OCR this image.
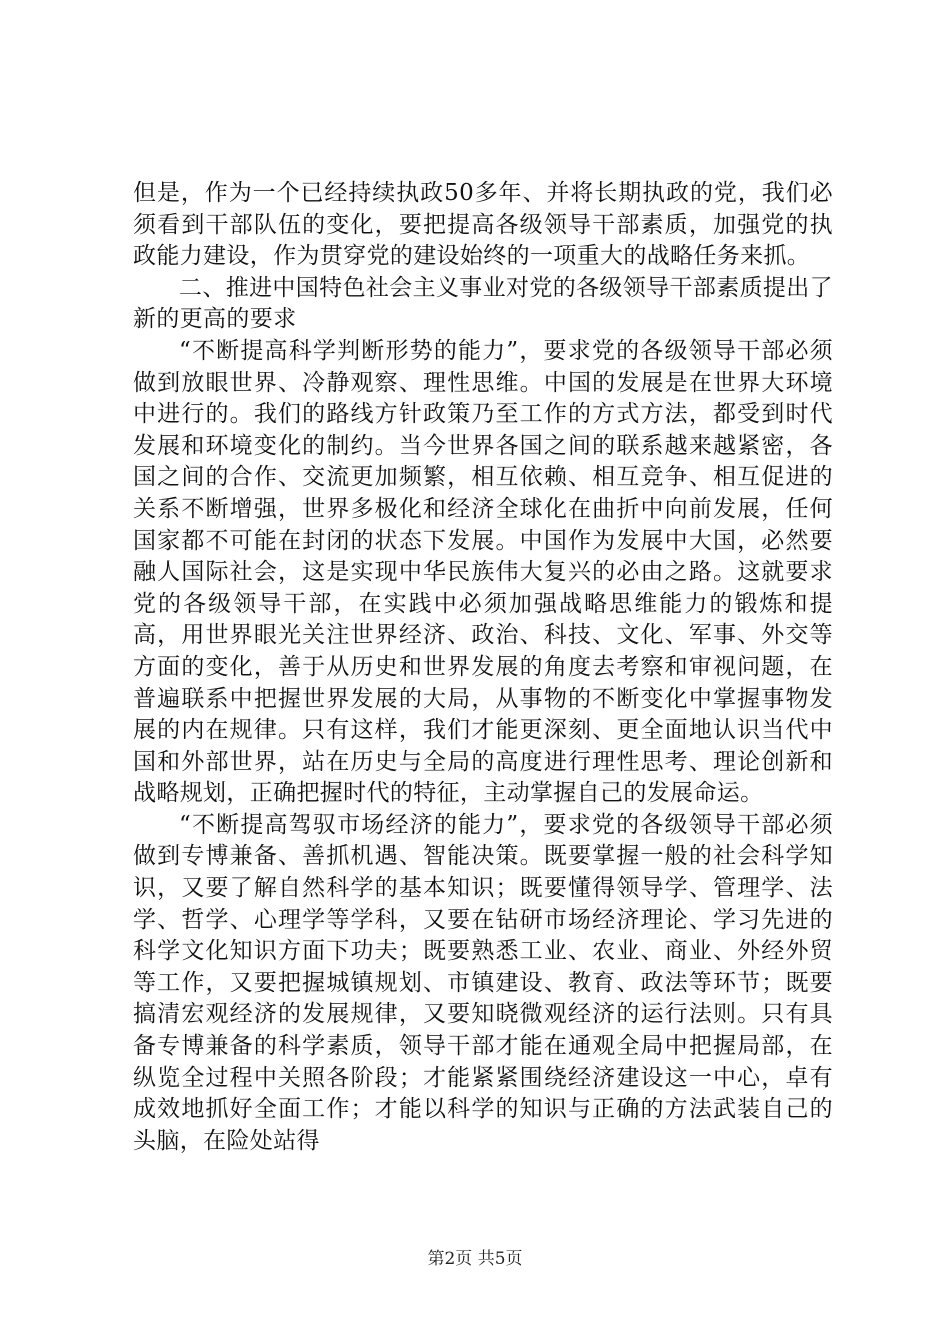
但是，作为一个已经持续执政50多年、并将长期执政的党，我们必须看到干部队伍的变化，要把提高各级领导干部素质，加强党的执政能力建设，作为贯穿党的建设始终的一项重大的战略任务来抓。

二、推进中国特色社会主义事业对党的各级领导干部素质提出了新的更高的要求

“不断提高科学判断形势的能力”，要求党的各级领导干部必须做到放眼世界、冷静观察、理性思维。中国的发展是在世界大环境中进行的。我们的路线方针政策乃至工作的方式方法，都受到时代发展和环境变化的制约。当今世界各国之间的联系越来越紧密，各国之间的合作、交流更加频繁，相互依赖、相互竞争、相互促进的关系不断增强，世界多极化和经济全球化在曲折中向前发展，任何国家都不可能在封闭的状态下发展。中国作为发展中大国，必然要融人国际社会，这是实现中华民族伟大复兴的必由之路。这就要求党的各级领导干部，在实践中必须加强战略思维能力的锻炼和提高，用世界眼光关注世界经济、政治、科技、文化、军事、外交等方面的变化，善于从历史和世界发展的角度去考察和审视问题，在普遍联系中把握世界发展的大局，从事物的不断变化中掌握事物发展的内在规律。只有这样，我们才能更深刻、更全面地认识当代中国和外部世界，站在历史与全局的高度进行理性思考、理论创新和战略规划，正确把握时代的特征，主动掌握自己的发展命运。

“不断提高驾驭市场经济的能力”，要求党的各级领导干部必须做到专博兼备、善抓机遇、智能决策。既要掌握一般的社会科学知识，又要了解自然科学的基本知识；既要懂得领导学、管理学、法学、哲学、心理学等学科，又要在钻研市场经济理论、学习先进的科学文化知识方面下功夫；既要熟悉工业、农业、商业、外经外贸等工作，又要把握城镇规划、市镇建设、教育、政法等环节；既要搞清宏观经济的发展规律，又要知晓微观经济的运行法则。只有具备专博兼备的科学素质，领导干部才能在通观全局中把握局部，在纵览全过程中关照各阶段；才能紧紧围绕经济建设这一中心，卓有成效地抓好全面工作；才能以科学的知识与正确的方法武装自己的头脑，在险处站得

第2页 共5页
